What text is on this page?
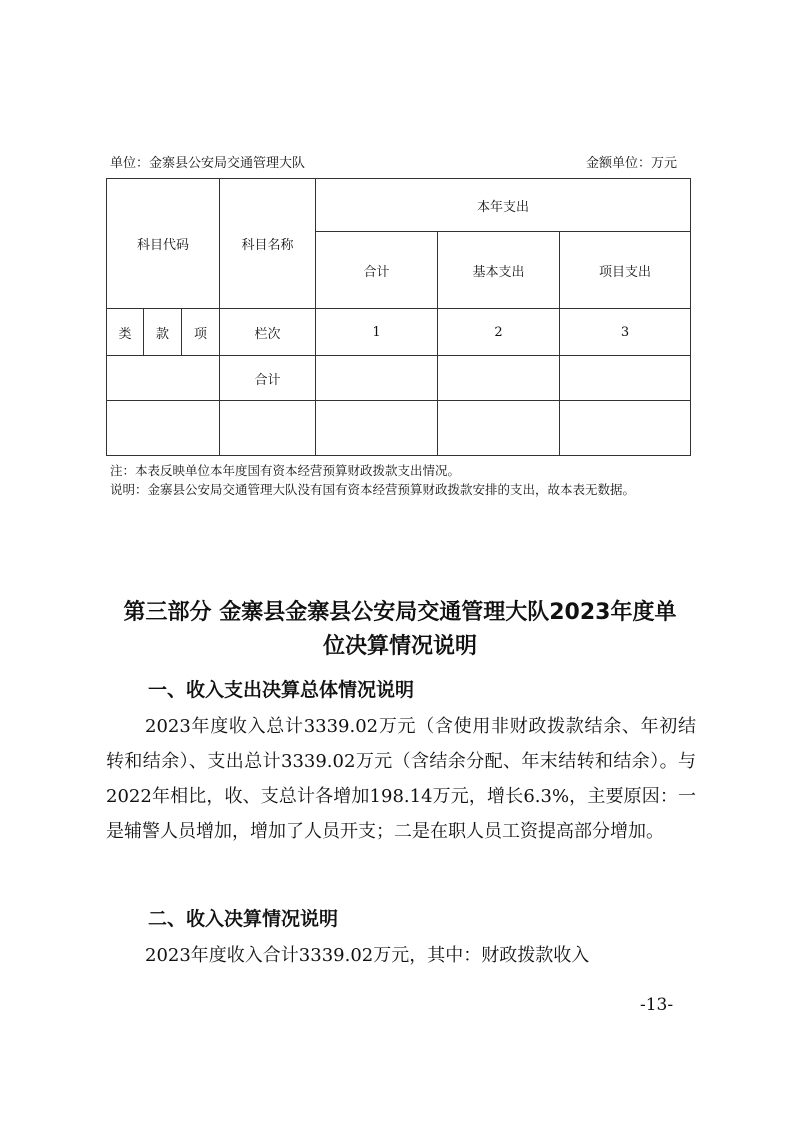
单位：金寨县公安局交通管理大队	金额单位：万元
科目代码			科目名称	本年支出		
				合计	基本支出	项目支出
类	款	项	栏次	1	2	3
			合计			

注：本表反映单位本年度国有资本经营预算财政拨款支出情况。
说明：金寨县公安局交通管理大队没有国有资本经营预算财政拨款安排的支出，故本表无数据。
第三部分 金寨县金寨县公安局交通管理大队2023年度单
位决算情况说明
一、收入支出决算总体情况说明
2023年度收入总计3339.02万元（含使用非财政拨款结余、年初结转和结余）、支出总计3339.02万元（含结余分配、年末结转和结余）。与2022年相比，收、支总计各增加198.14万元，增长6.3%，主要原因：一是辅警人员增加，增加了人员开支；二是在职人员工资提高部分增加。
二、收入决算情况说明
2023年度收入合计3339.02万元，其中：财政拨款收入
-13-
